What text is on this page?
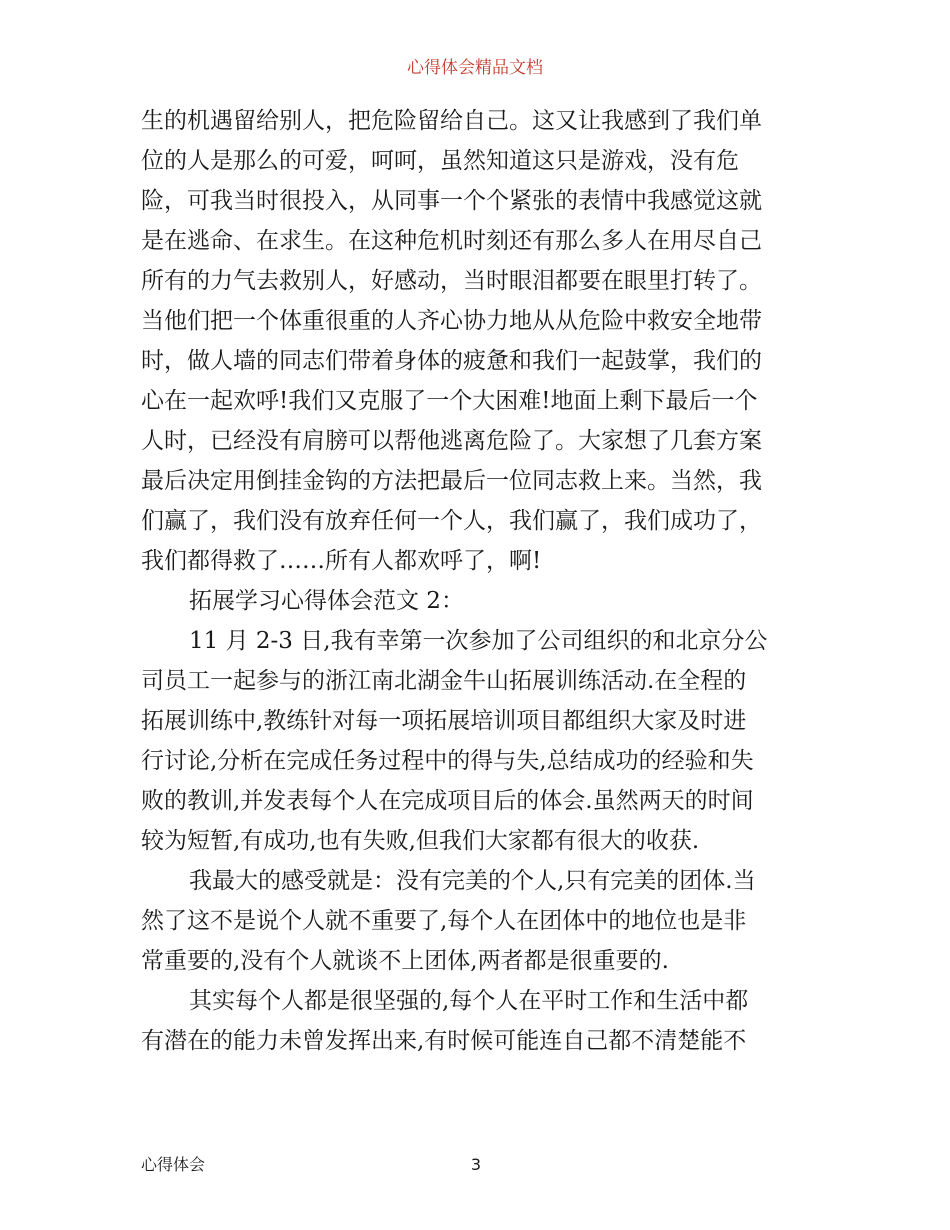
心得体会精品文档

生的机遇留给别人，把危险留给自己。这又让我感到了我们单
位的人是那么的可爱，呵呵，虽然知道这只是游戏，没有危
险，可我当时很投入，从同事一个个紧张的表情中我感觉这就
是在逃命、在求生。在这种危机时刻还有那么多人在用尽自己
所有的力气去救别人，好感动，当时眼泪都要在眼里打转了。
当他们把一个体重很重的人齐心协力地从从危险中救安全地带
时，做人墙的同志们带着身体的疲惫和我们一起鼓掌，我们的
心在一起欢呼!我们又克服了一个大困难!地面上剩下最后一个
人时，已经没有肩膀可以帮他逃离危险了。大家想了几套方案
最后决定用倒挂金钩的方法把最后一位同志救上来。当然，我
们赢了，我们没有放弃任何一个人，我们赢了，我们成功了，
我们都得救了……所有人都欢呼了，啊!

拓展学习心得体会范文 2：

11 月 2-3 日,我有幸第一次参加了公司组织的和北京分公
司员工一起参与的浙江南北湖金牛山拓展训练活动.在全程的
拓展训练中,教练针对每一项拓展培训项目都组织大家及时进
行讨论,分析在完成任务过程中的得与失,总结成功的经验和失
败的教训,并发表每个人在完成项目后的体会.虽然两天的时间
较为短暂,有成功,也有失败,但我们大家都有很大的收获.

我最大的感受就是：没有完美的个人,只有完美的团体.当
然了这不是说个人就不重要了,每个人在团体中的地位也是非
常重要的,没有个人就谈不上团体,两者都是很重要的.

其实每个人都是很坚强的,每个人在平时工作和生活中都
有潜在的能力未曾发挥出来,有时候可能连自己都不清楚能不

心得体会	3
